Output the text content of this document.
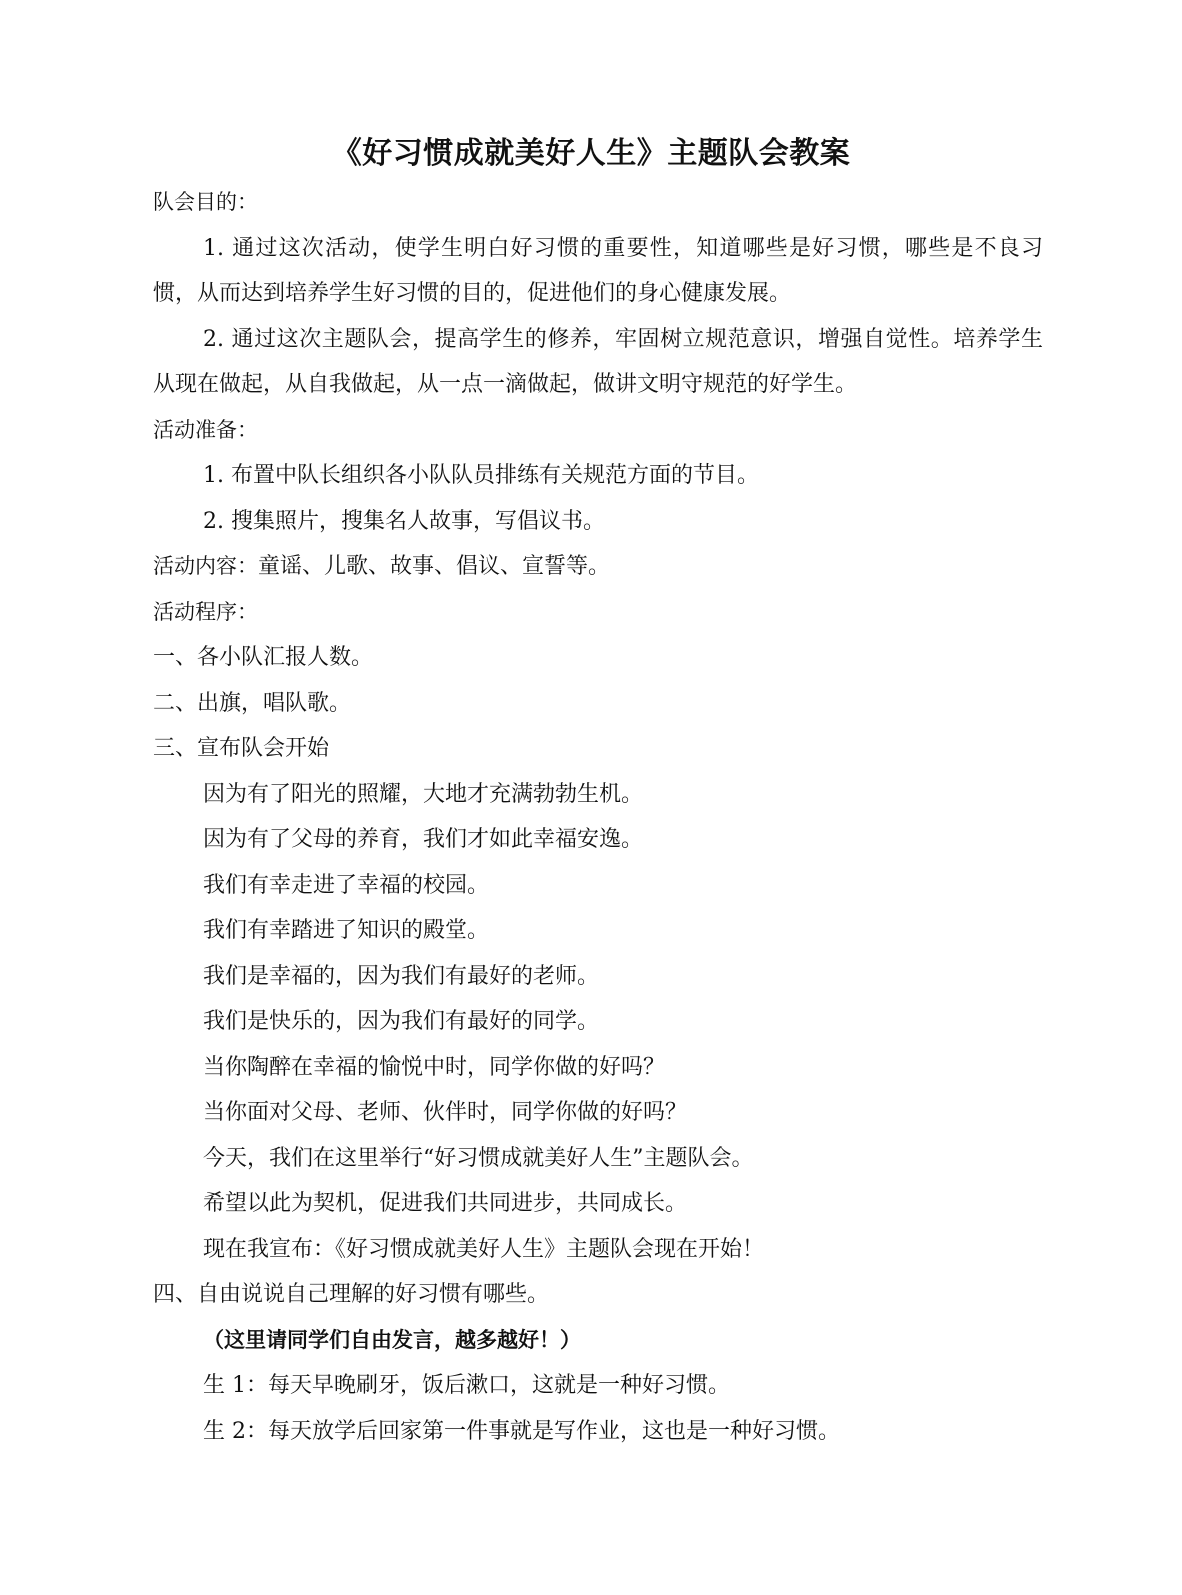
《好习惯成就美好人生》主题队会教案
队会目的：
1. 通过这次活动，使学生明白好习惯的重要性，知道哪些是好习惯，哪些是不良习惯，从而达到培养学生好习惯的目的，促进他们的身心健康发展。
2. 通过这次主题队会，提高学生的修养，牢固树立规范意识，增强自觉性。培养学生从现在做起，从自我做起，从一点一滴做起，做讲文明守规范的好学生。
活动准备：
1. 布置中队长组织各小队队员排练有关规范方面的节目。
2. 搜集照片，搜集名人故事，写倡议书。
活动内容：童谣、儿歌、故事、倡议、宣誓等。
活动程序：
一、各小队汇报人数。
二、出旗，唱队歌。
三、宣布队会开始
因为有了阳光的照耀，大地才充满勃勃生机。
因为有了父母的养育，我们才如此幸福安逸。
我们有幸走进了幸福的校园。
我们有幸踏进了知识的殿堂。
我们是幸福的，因为我们有最好的老师。
我们是快乐的，因为我们有最好的同学。
当你陶醉在幸福的愉悦中时，同学你做的好吗？
当你面对父母、老师、伙伴时，同学你做的好吗？
今天，我们在这里举行“好习惯成就美好人生”主题队会。
希望以此为契机，促进我们共同进步，共同成长。
现在我宣布：《好习惯成就美好人生》主题队会现在开始！
四、自由说说自己理解的好习惯有哪些。
（这里请同学们自由发言，越多越好！）
生 1：每天早晚刷牙，饭后漱口，这就是一种好习惯。
生 2：每天放学后回家第一件事就是写作业，这也是一种好习惯。
